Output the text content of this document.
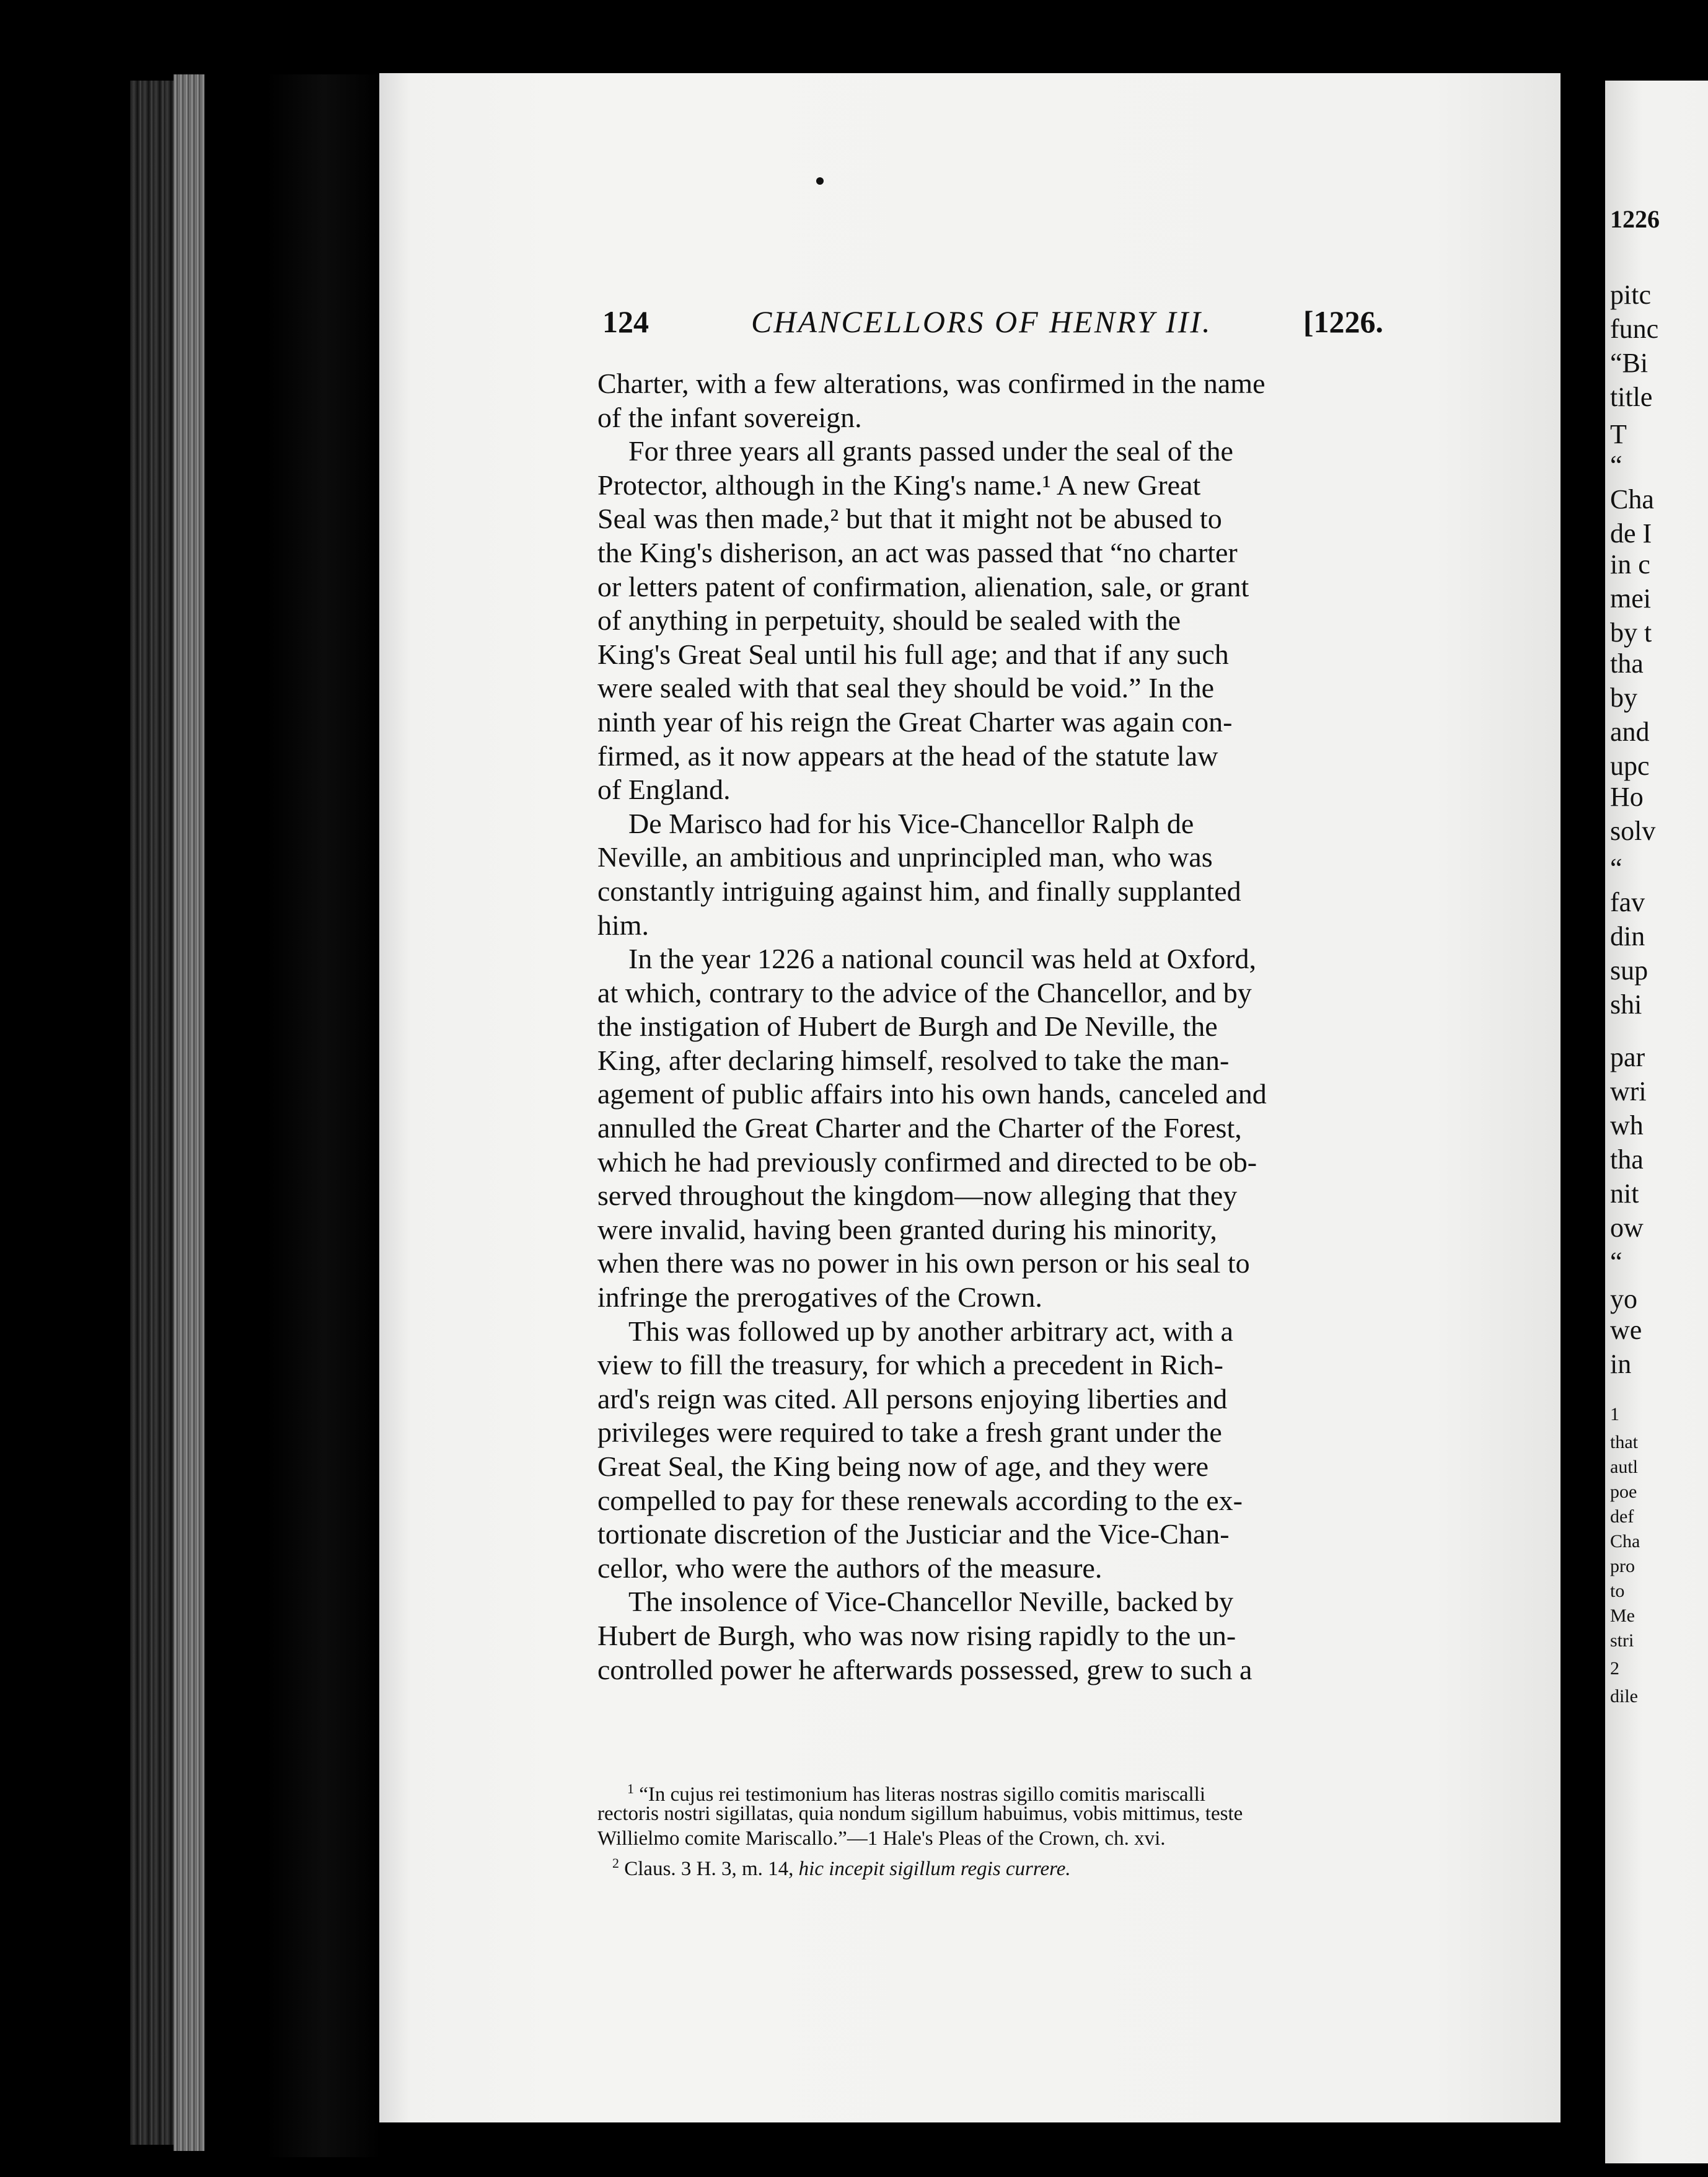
124	CHANCELLORS OF HENRY III.	[1226.
Charter, with a few alterations, was confirmed in the name
of the infant sovereign.
For three years all grants passed under the seal of the
Protector, although in the King's name.¹ A new Great
Seal was then made,² but that it might not be abused to
the King's disherison, an act was passed that “no charter
or letters patent of confirmation, alienation, sale, or grant
of anything in perpetuity, should be sealed with the
King's Great Seal until his full age; and that if any such
were sealed with that seal they should be void.” In the
ninth year of his reign the Great Charter was again con-
firmed, as it now appears at the head of the statute law
of England.
De Marisco had for his Vice-Chancellor Ralph de
Neville, an ambitious and unprincipled man, who was
constantly intriguing against him, and finally supplanted
him.
In the year 1226 a national council was held at Oxford,
at which, contrary to the advice of the Chancellor, and by
the instigation of Hubert de Burgh and De Neville, the
King, after declaring himself, resolved to take the man-
agement of public affairs into his own hands, canceled and
annulled the Great Charter and the Charter of the Forest,
which he had previously confirmed and directed to be ob-
served throughout the kingdom—now alleging that they
were invalid, having been granted during his minority,
when there was no power in his own person or his seal to
infringe the prerogatives of the Crown.
This was followed up by another arbitrary act, with a
view to fill the treasury, for which a precedent in Rich-
ard's reign was cited. All persons enjoying liberties and
privileges were required to take a fresh grant under the
Great Seal, the King being now of age, and they were
compelled to pay for these renewals according to the ex-
tortionate discretion of the Justiciar and the Vice-Chan-
cellor, who were the authors of the measure.
The insolence of Vice-Chancellor Neville, backed by
Hubert de Burgh, who was now rising rapidly to the un-
controlled power he afterwards possessed, grew to such a
$^1$ “In cujus rei testimonium has literas nostras sigillo comitis mariscalli
rectoris nostri sigillatas, quia nondum sigillum habuimus, vobis mittimus, teste
Willielmo comite Mariscallo.”—1 Hale's Pleas of the Crown, ch. xvi.
$^2$ Claus. 3 H. 3, m. 14, hic incepit sigillum regis currere.
1226
pitc
func
“Bi
title
T
“
Cha
de I
in c
mei
by t
tha
by
and
upc
Ho
solv
“
fav
din
sup
shi
par
wri
wh
tha
nit
ow
“
yo
we
in
1
that
autl
poe
def
Cha
pro
to
Me
stri
2
dile
